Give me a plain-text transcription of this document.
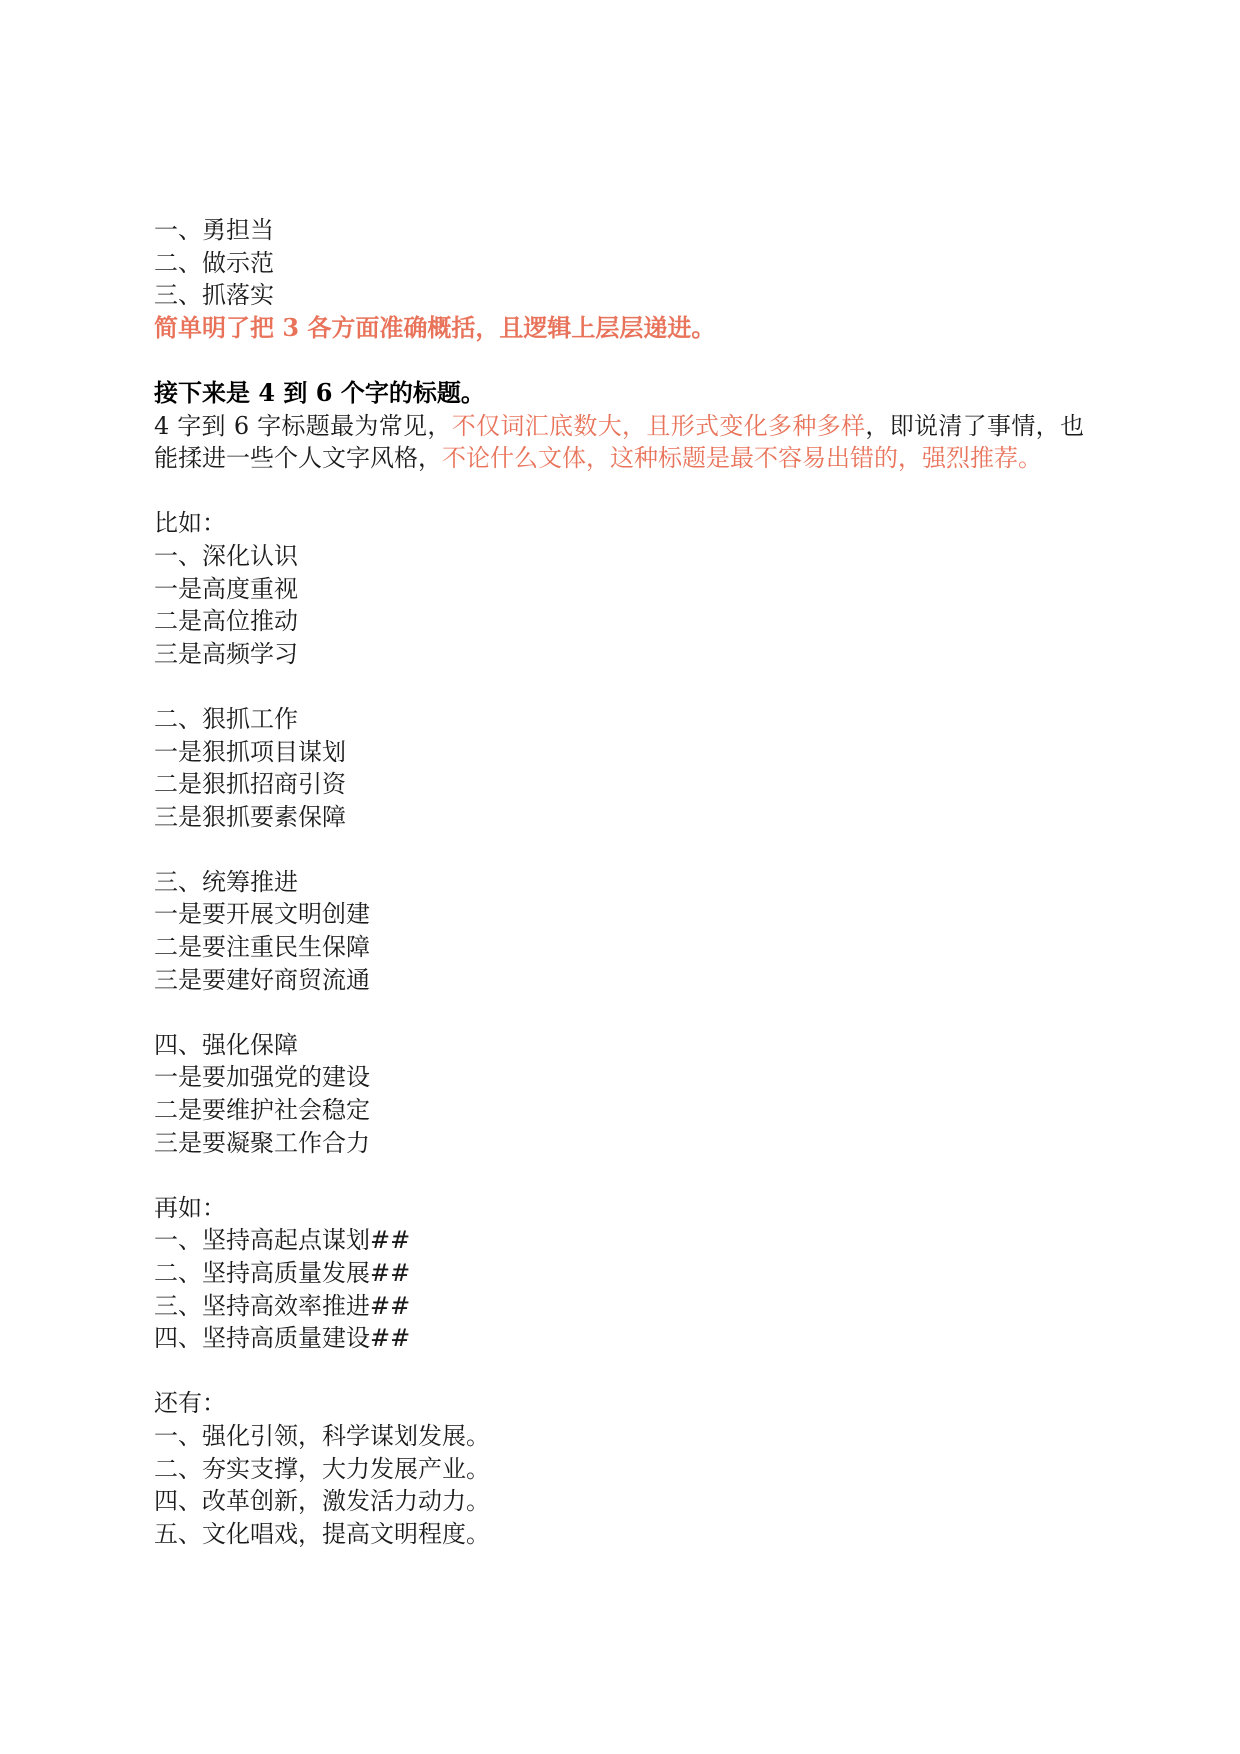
一、勇担当

二、做示范

三、抓落实

简单明了把 3 各方面准确概括，且逻辑上层层递进。

接下来是 4 到 6 个字的标题。

4 字到 6 字标题最为常见，不仅词汇底数大，且形式变化多种多样，即说清了事情，也能揉进一些个人文字风格，不论什么文体，这种标题是最不容易出错的，强烈推荐。

比如：

一、深化认识

一是高度重视

二是高位推动

三是高频学习

二、狠抓工作

一是狠抓项目谋划

二是狠抓招商引资

三是狠抓要素保障

三、统筹推进

一是要开展文明创建

二是要注重民生保障

三是要建好商贸流通

四、强化保障

一是要加强党的建设

二是要维护社会稳定

三是要凝聚工作合力

再如：

一、坚持高起点谋划##

二、坚持高质量发展##

三、坚持高效率推进##

四、坚持高质量建设##

还有：

一、强化引领，科学谋划发展。

二、夯实支撑，大力发展产业。

四、改革创新，激发活力动力。

五、文化唱戏，提高文明程度。
